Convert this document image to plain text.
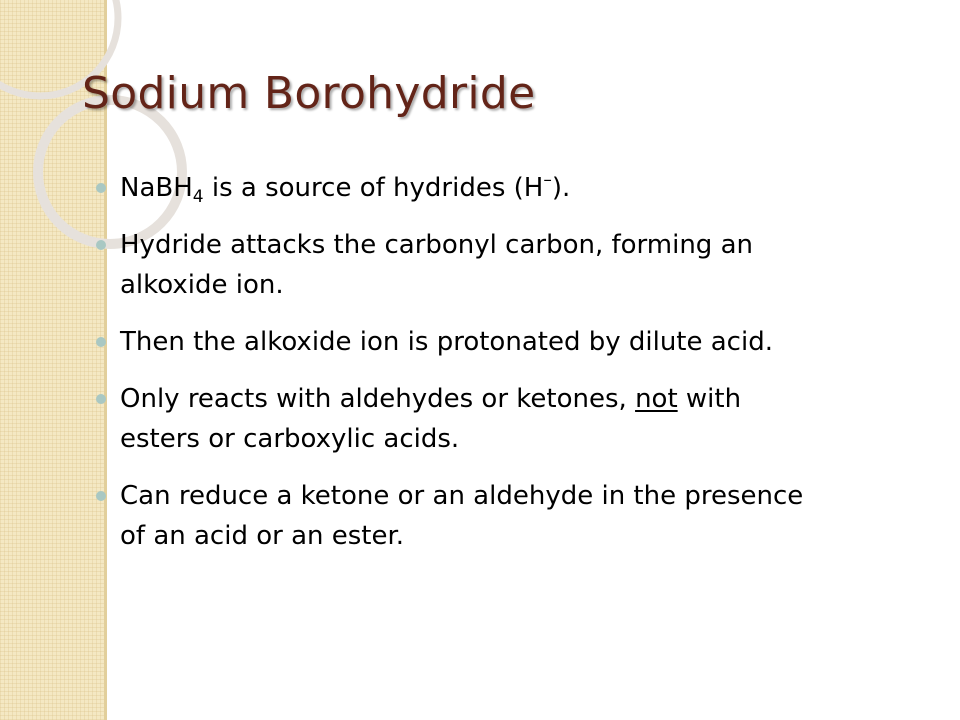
Sodium Borohydride
NaBH$_4$ is a source of hydrides (H–).
Hydride attacks the carbonyl carbon, forming an alkoxide ion.
Then the alkoxide ion is protonated by dilute acid.
Only reacts with aldehydes or ketones, not with esters or carboxylic acids.
Can reduce a ketone or an aldehyde in the presence of an acid or an ester.
